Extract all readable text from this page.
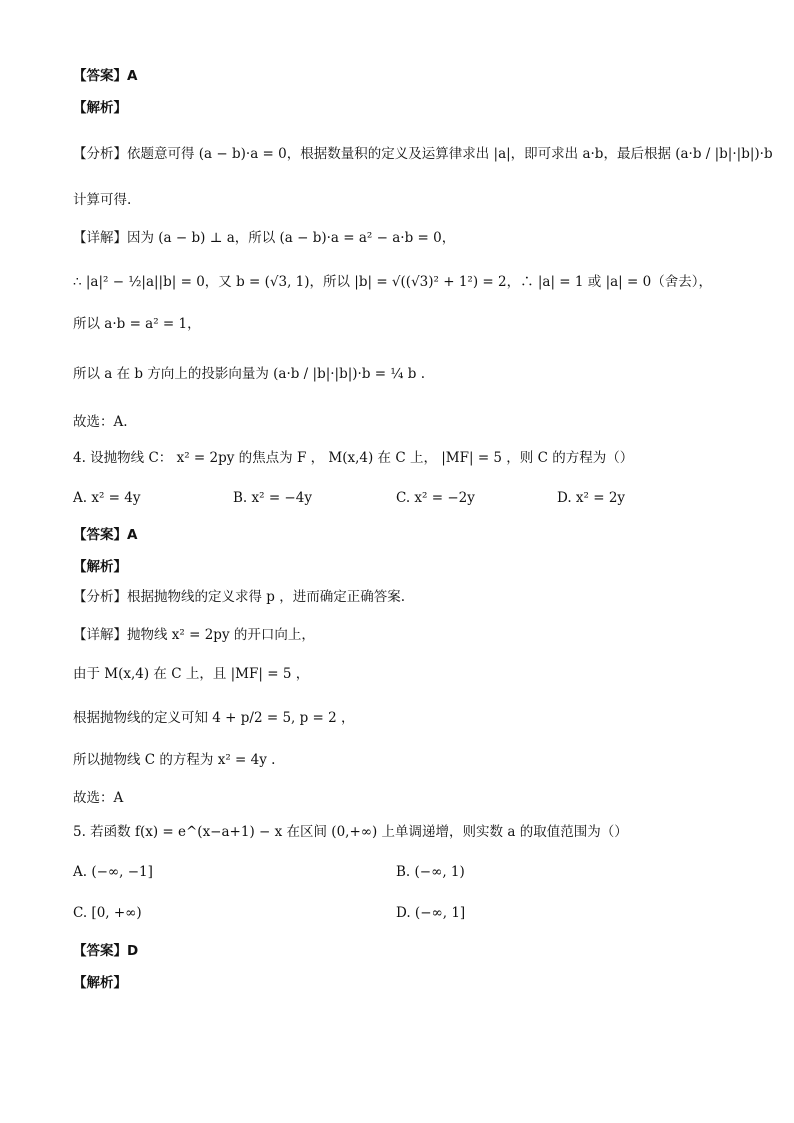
【答案】A
【解析】
【分析】依题意可得 (a − b)·a = 0，根据数量积的定义及运算律求出 |a|，即可求出 a·b，最后根据 (a·b / |b|·|b|)·b
计算可得.
【详解】因为 (a − b) ⊥ a，所以 (a − b)·a = a² − a·b = 0，
∴ |a|² − ½|a||b| = 0，又 b = (√3, 1)，所以 |b| = √((√3)² + 1²) = 2，∴ |a| = 1 或 |a| = 0（舍去），
所以 a·b = a² = 1，
所以 a 在 b 方向上的投影向量为 (a·b / |b|·|b|)·b = ¼ b .
故选：A.
4. 设抛物线 C： x² = 2py 的焦点为 F ， M(x,4) 在 C 上， |MF| = 5 ，则 C 的方程为（）
【答案】A
【解析】
【分析】根据抛物线的定义求得 p ，进而确定正确答案.
【详解】抛物线 x² = 2py 的开口向上，
由于 M(x,4) 在 C 上，且 |MF| = 5 ，
根据抛物线的定义可知 4 + p/2 = 5, p = 2 ，
所以抛物线 C 的方程为 x² = 4y .
故选：A
5. 若函数 f(x) = e^(x−a+1) − x 在区间 (0,+∞) 上单调递增，则实数 a 的取值范围为（）
【答案】D
【解析】
A. x² = 4y	B. x² = −4y	C. x² = −2y	D. x² = 2y
A. (−∞, −1]	B. (−∞, 1)
C. [0, +∞)	D. (−∞, 1]
